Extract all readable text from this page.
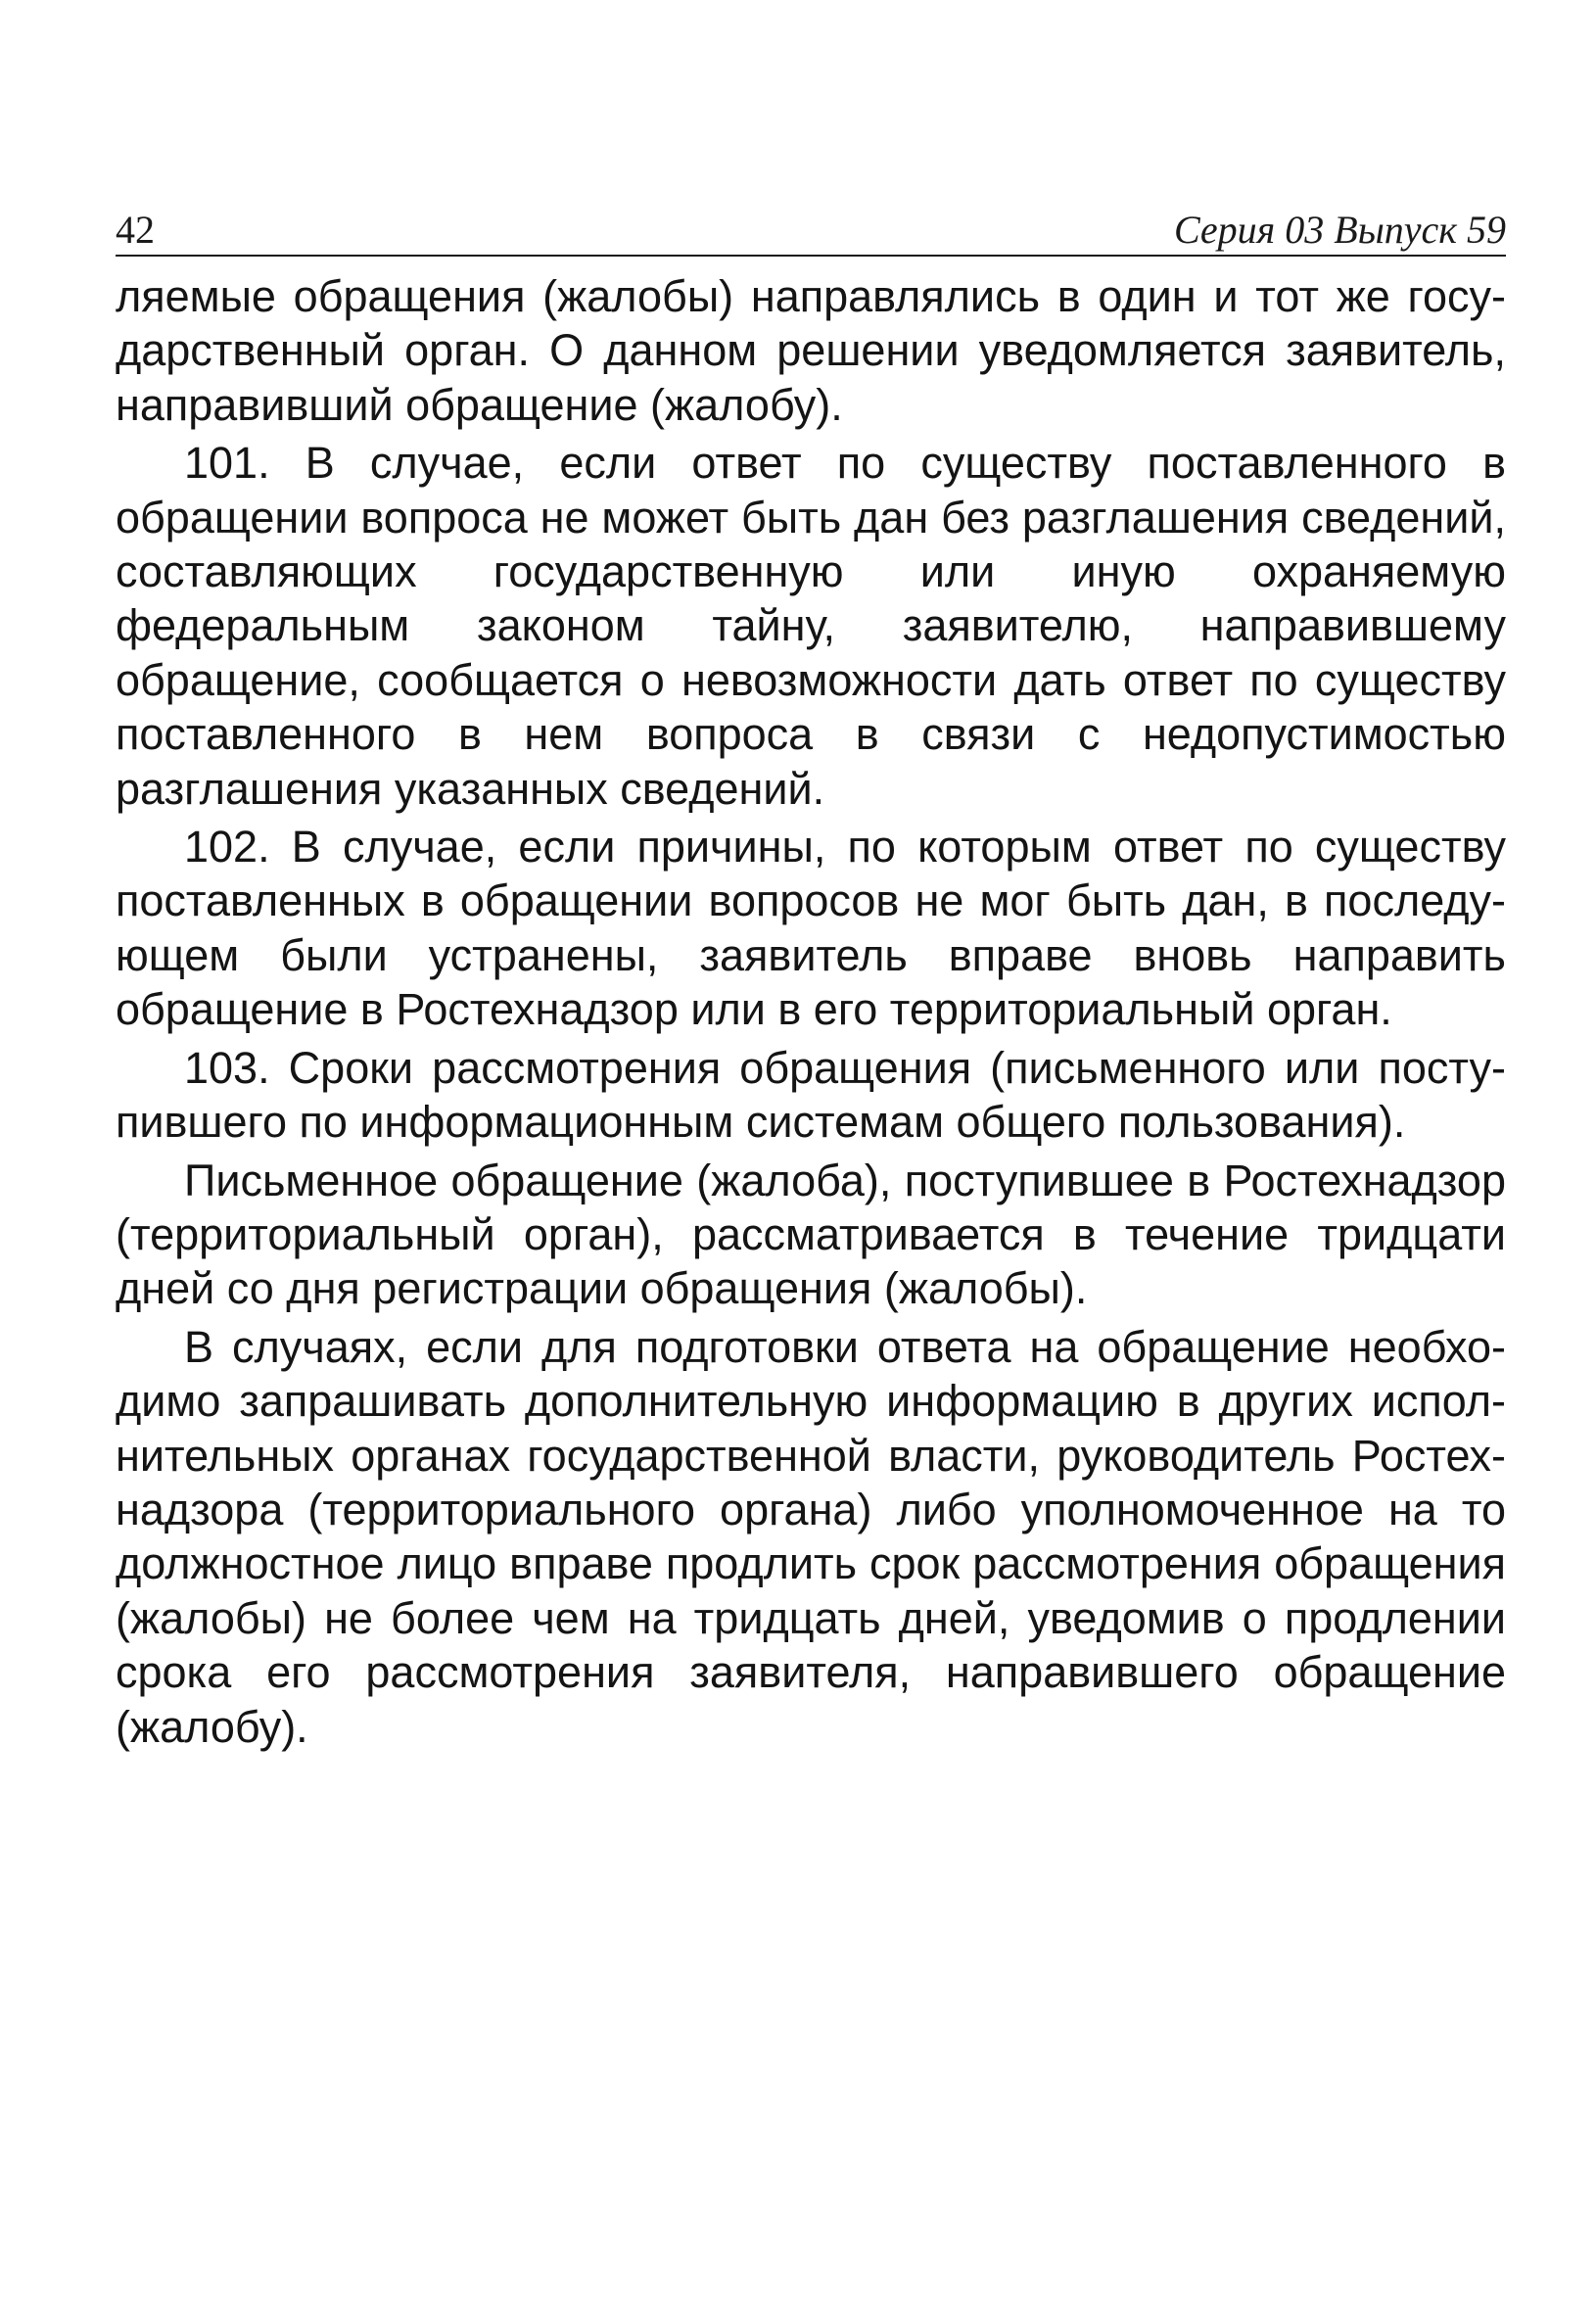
42	Серия 03 Выпуск 59

ляемые обращения (жалобы) направлялись в один и тот же государственный орган. О данном решении уведомляется заявитель, направивший обращение (жалобу).

101. В случае, если ответ по существу поставленного в обращении вопроса не может быть дан без разглашения сведений, составляющих государственную или иную охраняемую федеральным законом тайну, заявителю, направившему обращение, сообщается о невозможности дать ответ по существу поставленного в нем вопроса в связи с недопустимостью разглашения указанных сведений.

102. В случае, если причины, по которым ответ по существу поставленных в обращении вопросов не мог быть дан, в последующем были устранены, заявитель вправе вновь направить обращение в Ростехнадзор или в его территориальный орган.

103. Сроки рассмотрения обращения (письменного или поступившего по информационным системам общего пользования).

Письменное обращение (жалоба), поступившее в Ростехнадзор (территориальный орган), рассматривается в течение тридцати дней со дня регистрации обращения (жалобы).

В случаях, если для подготовки ответа на обращение необходимо запрашивать дополнительную информацию в других исполнительных органах государственной власти, руководитель Ростехнадзора (территориального органа) либо уполномоченное на то должностное лицо вправе продлить срок рассмотрения обращения (жалобы) не более чем на тридцать дней, уведомив о продлении срока его рассмотрения заявителя, направившего обращение (жалобу).
